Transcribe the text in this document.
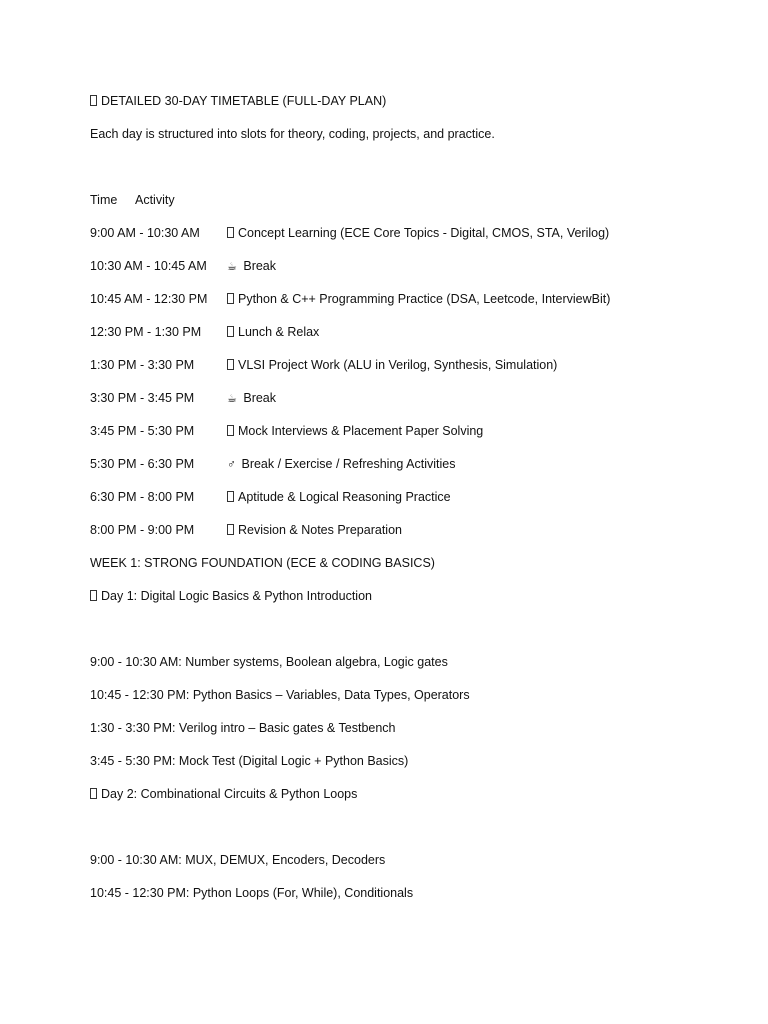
DETAILED 30-DAY TIMETABLE (FULL-DAY PLAN)
Each day is structured into slots for theory, coding, projects, and practice.
Time Activity
9:00 AM - 10:30 AM	Concept Learning (ECE Core Topics - Digital, CMOS, STA, Verilog)
10:30 AM - 10:45 AM ☕ Break
10:45 AM - 12:30 PM Python & C++ Programming Practice (DSA, Leetcode, InterviewBit)
12:30 PM - 1:30 PM	Lunch & Relax
1:30 PM - 3:30 PM	VLSI Project Work (ALU in Verilog, Synthesis, Simulation)
3:30 PM - 3:45 PM	☕ Break
3:45 PM - 5:30 PM	Mock Interviews & Placement Paper Solving
5:30 PM - 6:30 PM	♂ Break / Exercise / Refreshing Activities
6:30 PM - 8:00 PM	Aptitude & Logical Reasoning Practice
8:00 PM - 9:00 PM	Revision & Notes Preparation
WEEK 1: STRONG FOUNDATION (ECE & CODING BASICS)
Day 1: Digital Logic Basics & Python Introduction
9:00 - 10:30 AM: Number systems, Boolean algebra, Logic gates
10:45 - 12:30 PM: Python Basics – Variables, Data Types, Operators
1:30 - 3:30 PM: Verilog intro – Basic gates & Testbench
3:45 - 5:30 PM: Mock Test (Digital Logic + Python Basics)
Day 2: Combinational Circuits & Python Loops
9:00 - 10:30 AM: MUX, DEMUX, Encoders, Decoders
10:45 - 12:30 PM: Python Loops (For, While), Conditionals
